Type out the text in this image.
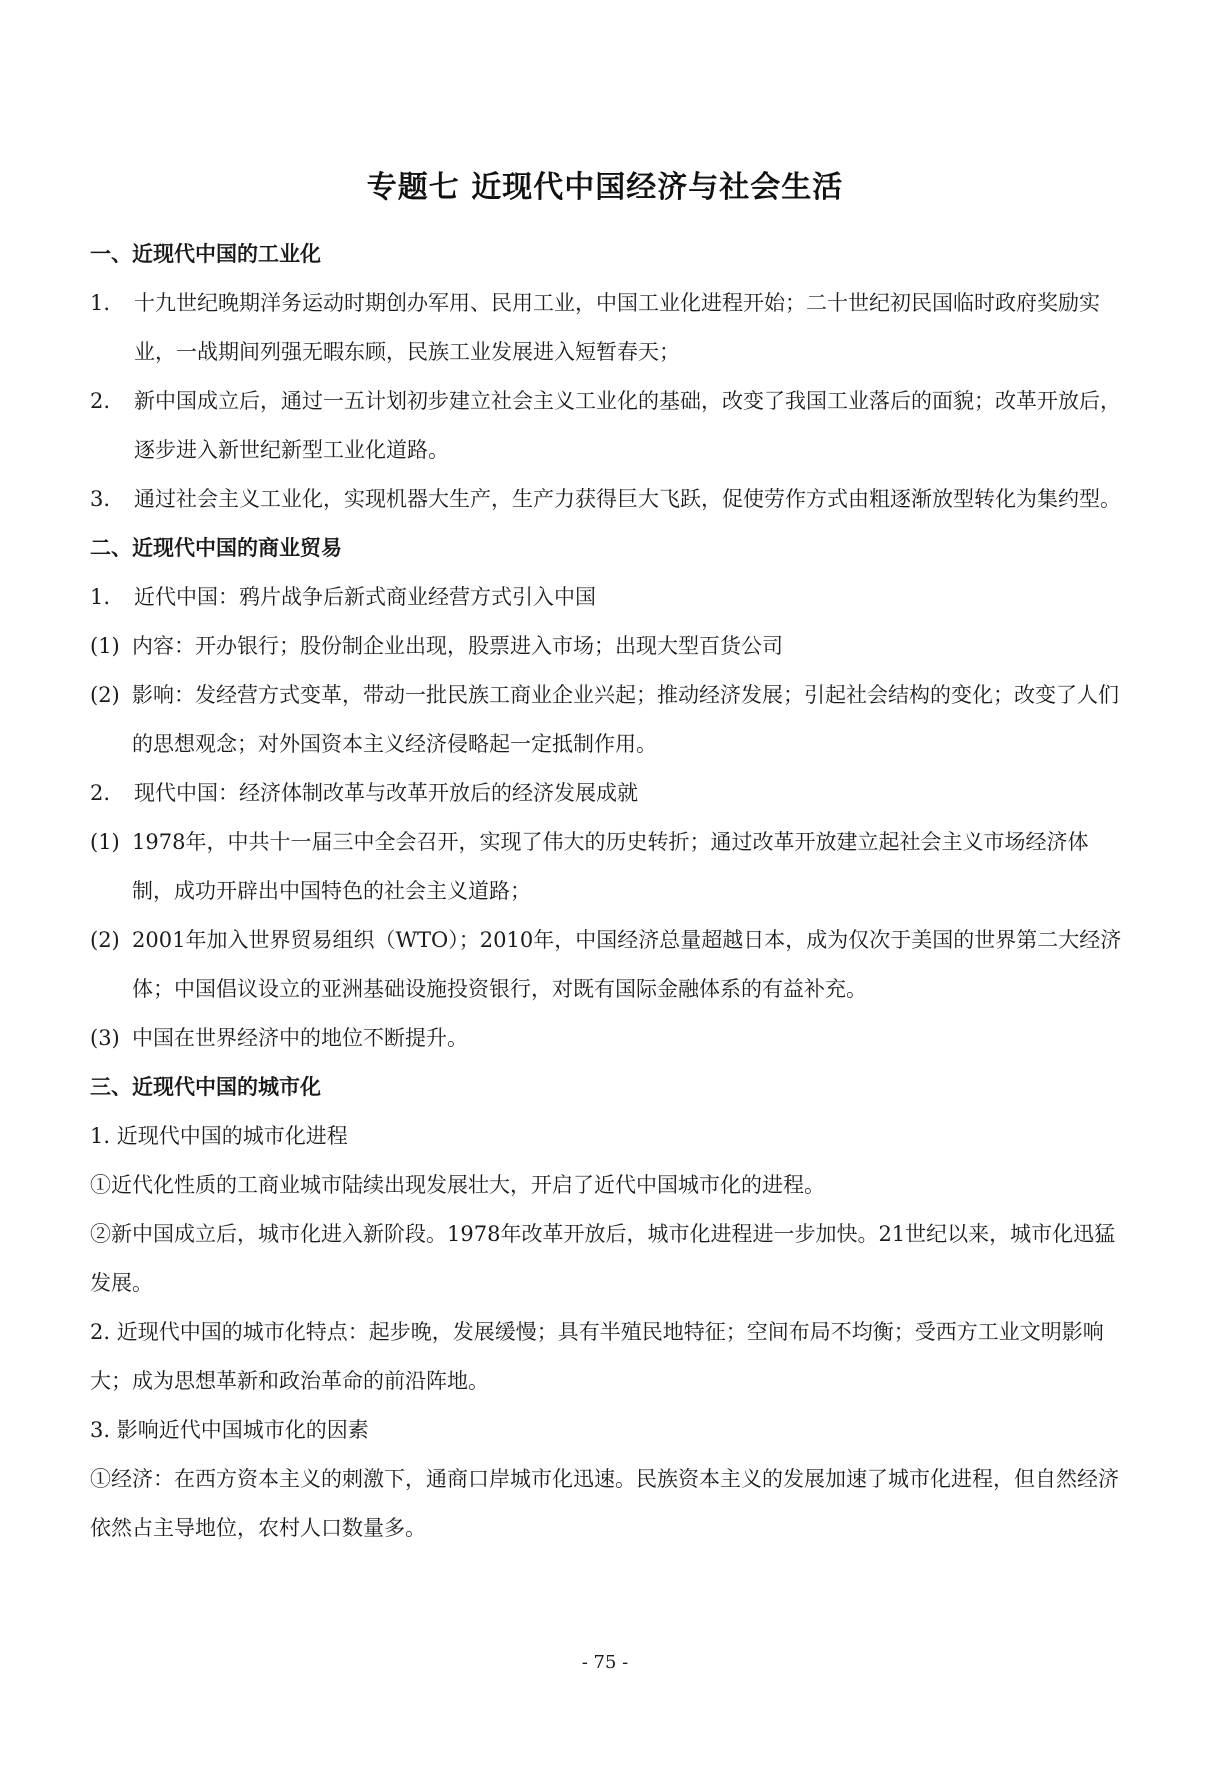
专题七 近现代中国经济与社会生活
一、近现代中国的工业化
1.	十九世纪晚期洋务运动时期创办军用、民用工业，中国工业化进程开始；二十世纪初民国临时政府奖励实业，一战期间列强无暇东顾，民族工业发展进入短暂春天；
2.	新中国成立后，通过一五计划初步建立社会主义工业化的基础，改变了我国工业落后的面貌；改革开放后，逐步进入新世纪新型工业化道路。
3.	通过社会主义工业化，实现机器大生产，生产力获得巨大飞跃，促使劳作方式由粗逐渐放型转化为集约型。
二、近现代中国的商业贸易
1.	近代中国：鸦片战争后新式商业经营方式引入中国
(1) 内容：开办银行；股份制企业出现，股票进入市场；出现大型百货公司
(2) 影响：发经营方式变革，带动一批民族工商业企业兴起；推动经济发展；引起社会结构的变化；改变了人们的思想观念；对外国资本主义经济侵略起一定抵制作用。
2.	现代中国：经济体制改革与改革开放后的经济发展成就
(1) 1978年，中共十一届三中全会召开，实现了伟大的历史转折；通过改革开放建立起社会主义市场经济体制，成功开辟出中国特色的社会主义道路；
(2) 2001年加入世界贸易组织（WTO）；2010年，中国经济总量超越日本，成为仅次于美国的世界第二大经济体；中国倡议设立的亚洲基础设施投资银行，对既有国际金融体系的有益补充。
(3) 中国在世界经济中的地位不断提升。
三、近现代中国的城市化

1. 近现代中国的城市化进程

①近代化性质的工商业城市陆续出现发展壮大，开启了近代中国城市化的进程。

②新中国成立后，城市化进入新阶段。1978年改革开放后，城市化进程进一步加快。21世纪以来，城市化迅猛发展。

2. 近现代中国的城市化特点：起步晚，发展缓慢；具有半殖民地特征；空间布局不均衡；受西方工业文明影响大；成为思想革新和政治革命的前沿阵地。

3. 影响近代中国城市化的因素

①经济：在西方资本主义的刺激下，通商口岸城市化迅速。民族资本主义的发展加速了城市化进程，但自然经济依然占主导地位，农村人口数量多。

- 75 -
